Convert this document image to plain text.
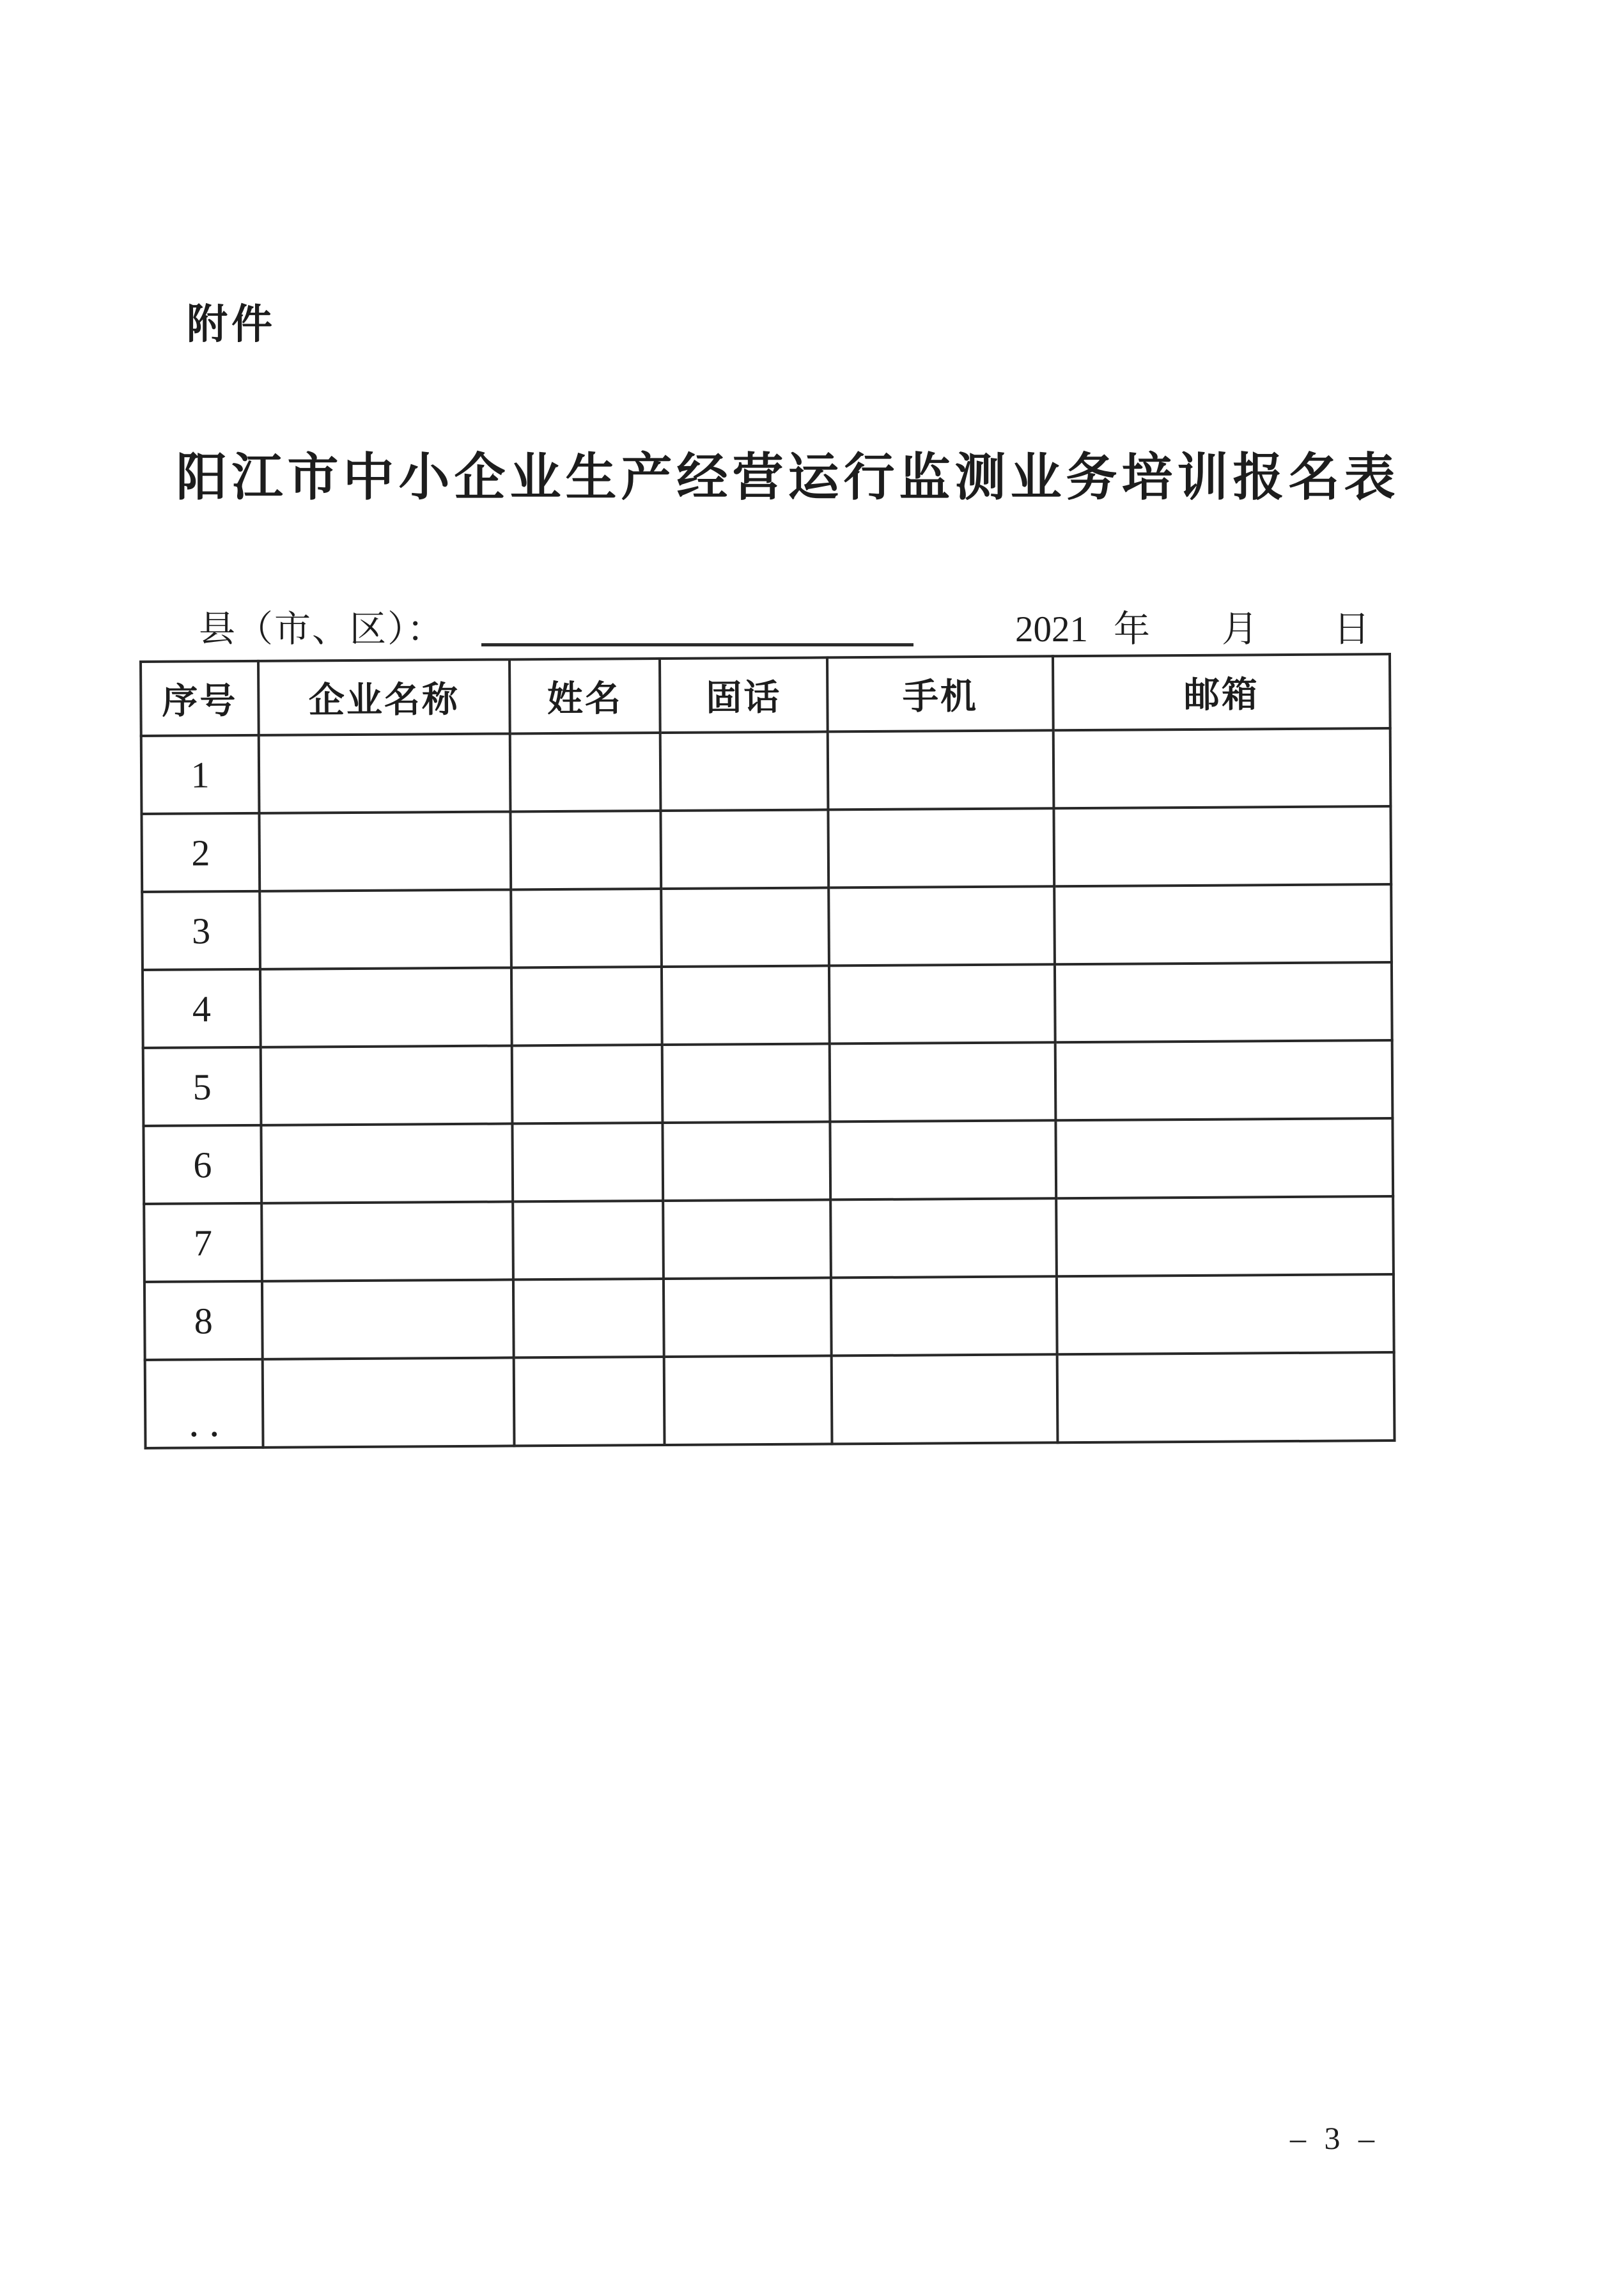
附件
阳江市中小企业生产经营运行监测业务培训报名表
县（市、区）：	2021 年 月 日
序号	企业名称	姓名	固话	手机	邮箱
1					
2					
3					
4					
5					
6					
7					
8					
..					
– 3 –
